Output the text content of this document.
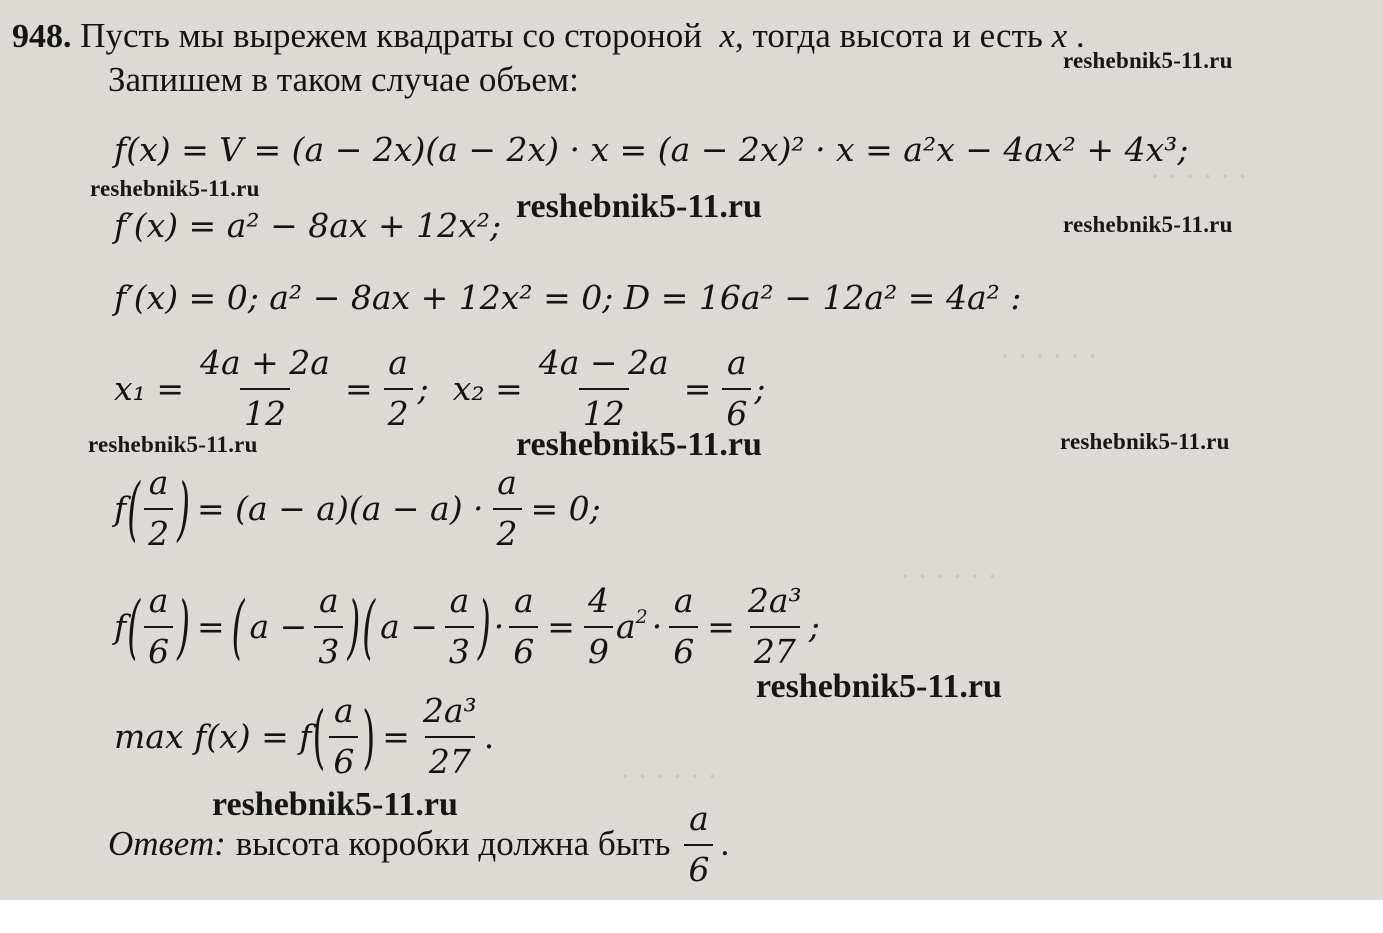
· · · · · ·
· · · · · ·
· · · · · ·
· · · · · ·
948. Пусть мы вырежем квадраты со стороной x, тогда высота и есть x .
Запишем в таком случае объем:	reshebnik5-11.ru
reshebnik5-11.ru	reshebnik5-11.ru	reshebnik5-11.ru
reshebnik5-11.ru	reshebnik5-11.ru	reshebnik5-11.ru
reshebnik5-11.ru
reshebnik5-11.ru
f(x) = V = (a − 2x)(a − 2x) · x = (a − 2x)² · x = a²x − 4ax² + 4x³;
f′(x) = a² − 8ax + 12x²;
f′(x) = 0; a² − 8ax + 12x² = 0; D = 16a² − 12a² = 4a² :
$x_1 = \frac{4a + 2a}{12} = \frac{a}{2}$ ; $x_2 = \frac{4a - 2a}{12} = \frac{a}{6}$ ;
f ( $\frac{a}{2}$ ) = $(a - a)(a - a) \cdot \frac{a}{2} = 0$;
f ( $\frac{a}{6}$ ) = ( $a - \frac{a}{3}$ ) ( $a - \frac{a}{3}$ ) · $\frac{a}{6} = \frac{4}{9} a^2 \cdot \frac{a}{6} = \frac{\text{2a³}}{27}$ ;
max f(x) = f ( $\frac{a}{6}$ ) = $\frac{\text{2a³}}{27}$ .
Ответ: высота коробки должна быть $\frac{a}{6}$ .
